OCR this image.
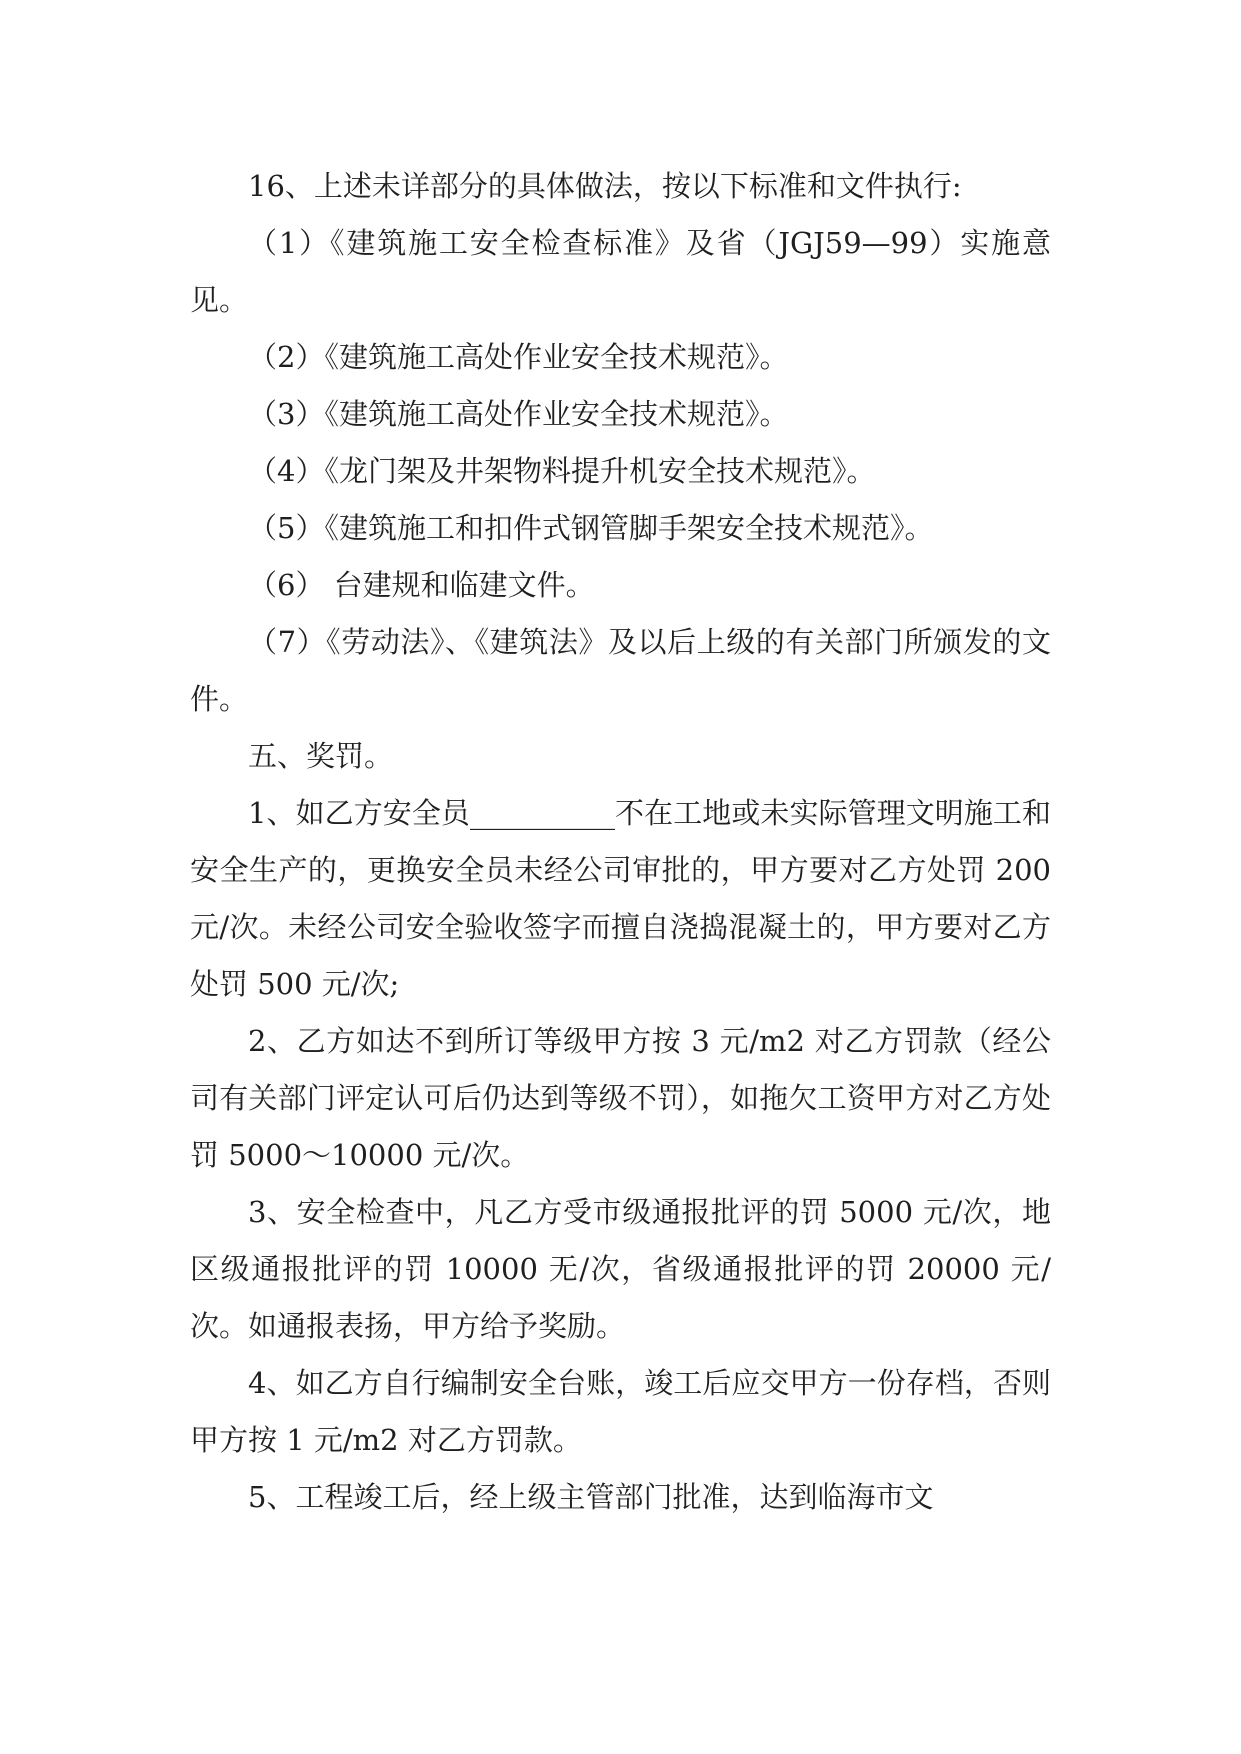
16、上述未详部分的具体做法，按以下标准和文件执行:

（1）《建筑施工安全检查标准》及省（JGJ59—99）实施意见。

（2）《建筑施工高处作业安全技术规范》。

（3）《建筑施工高处作业安全技术规范》。

（4）《龙门架及井架物料提升机安全技术规范》。

（5）《建筑施工和扣件式钢管脚手架安全技术规范》。

（6） 台建规和临建文件。

（7）《劳动法》、《建筑法》及以后上级的有关部门所颁发的文件。

五、奖罚。

1、如乙方安全员__________不在工地或未实际管理文明施工和安全生产的，更换安全员未经公司审批的，甲方要对乙方处罚 200 元/次。未经公司安全验收签字而擅自浇捣混凝土的，甲方要对乙方处罚 500 元/次;

2、乙方如达不到所订等级甲方按 3 元/m2 对乙方罚款（经公司有关部门评定认可后仍达到等级不罚），如拖欠工资甲方对乙方处罚 5000～10000 元/次。

3、安全检查中，凡乙方受市级通报批评的罚 5000 元/次，地区级通报批评的罚 10000 无/次，省级通报批评的罚 20000 元/次。如通报表扬，甲方给予奖励。

4、如乙方自行编制安全台账，竣工后应交甲方一份存档，否则甲方按 1 元/m2 对乙方罚款。

5、工程竣工后，经上级主管部门批准，达到临海市文
